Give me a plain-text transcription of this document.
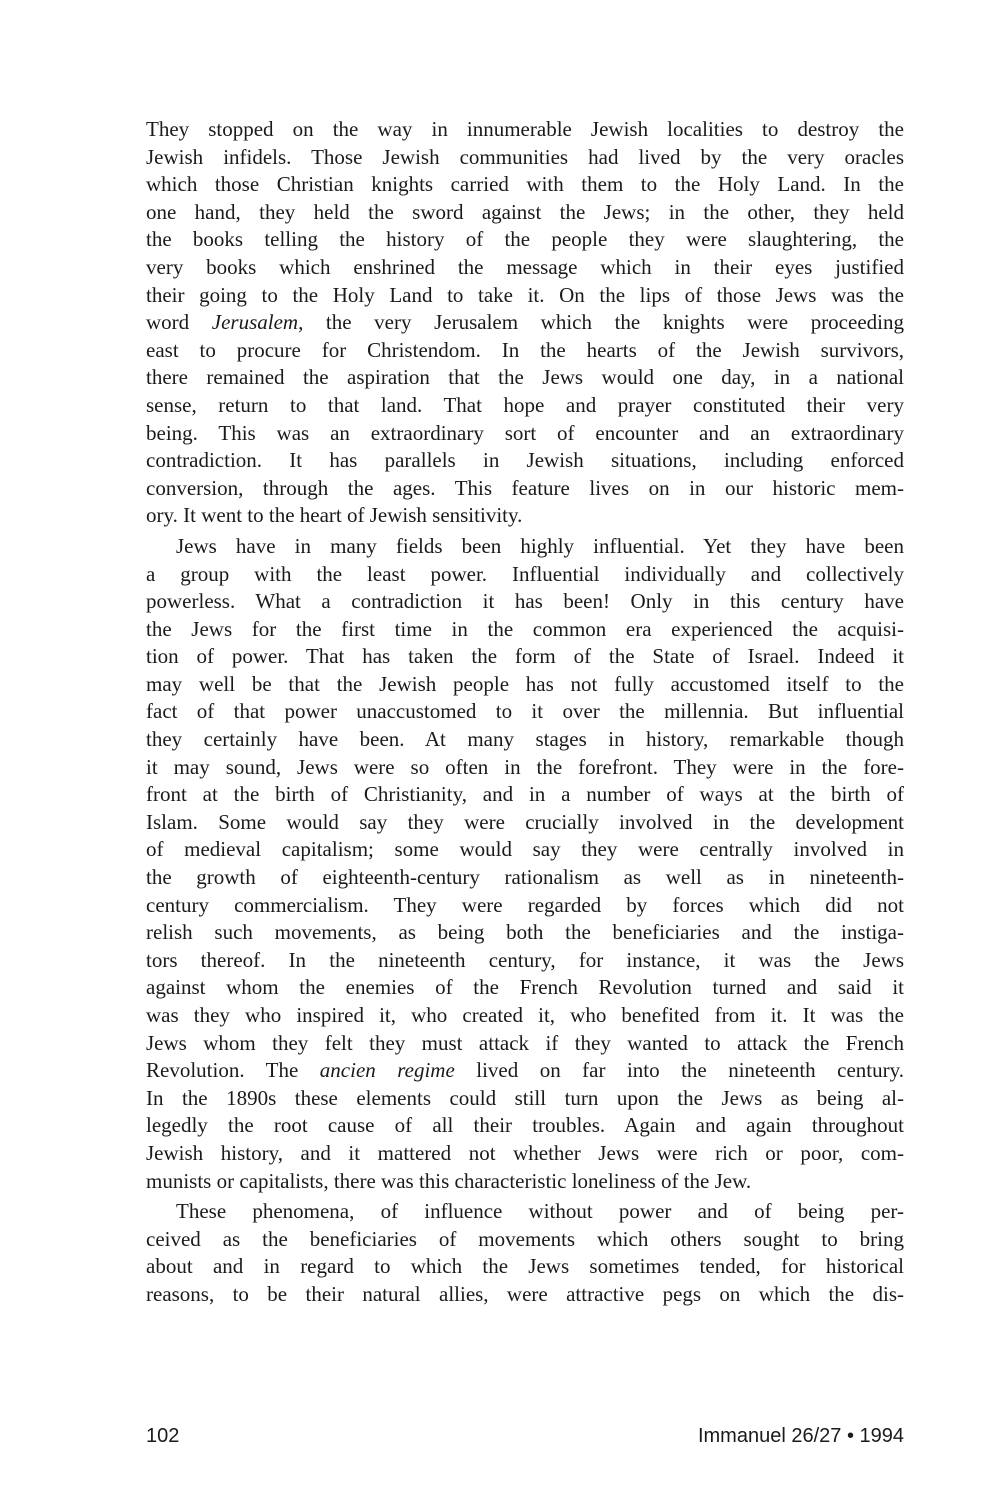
They stopped on the way in innumerable Jewish localities to destroy the
Jewish infidels. Those Jewish communities had lived by the very oracles
which those Christian knights carried with them to the Holy Land. In the
one hand, they held the sword against the Jews; in the other, they held
the books telling the history of the people they were slaughtering, the
very books which enshrined the message which in their eyes justified
their going to the Holy Land to take it. On the lips of those Jews was the
word Jerusalem, the very Jerusalem which the knights were proceeding
east to procure for Christendom. In the hearts of the Jewish survivors,
there remained the aspiration that the Jews would one day, in a national
sense, return to that land. That hope and prayer constituted their very
being. This was an extraordinary sort of encounter and an extraordinary
contradiction. It has parallels in Jewish situations, including enforced
conversion, through the ages. This feature lives on in our historic mem-
ory. It went to the heart of Jewish sensitivity.
Jews have in many fields been highly influential. Yet they have been
a group with the least power. Influential individually and collectively
powerless. What a contradiction it has been! Only in this century have
the Jews for the first time in the common era experienced the acquisi-
tion of power. That has taken the form of the State of Israel. Indeed it
may well be that the Jewish people has not fully accustomed itself to the
fact of that power unaccustomed to it over the millennia. But influential
they certainly have been. At many stages in history, remarkable though
it may sound, Jews were so often in the forefront. They were in the fore-
front at the birth of Christianity, and in a number of ways at the birth of
Islam. Some would say they were crucially involved in the development
of medieval capitalism; some would say they were centrally involved in
the growth of eighteenth-century rationalism as well as in nineteenth-
century commercialism. They were regarded by forces which did not
relish such movements, as being both the beneficiaries and the instiga-
tors thereof. In the nineteenth century, for instance, it was the Jews
against whom the enemies of the French Revolution turned and said it
was they who inspired it, who created it, who benefited from it. It was the
Jews whom they felt they must attack if they wanted to attack the French
Revolution. The ancien regime lived on far into the nineteenth century.
In the 1890s these elements could still turn upon the Jews as being al-
legedly the root cause of all their troubles. Again and again throughout
Jewish history, and it mattered not whether Jews were rich or poor, com-
munists or capitalists, there was this characteristic loneliness of the Jew.
These phenomena, of influence without power and of being per-
ceived as the beneficiaries of movements which others sought to bring
about and in regard to which the Jews sometimes tended, for historical
reasons, to be their natural allies, were attractive pegs on which the dis-
102	Immanuel 26/27 • 1994
